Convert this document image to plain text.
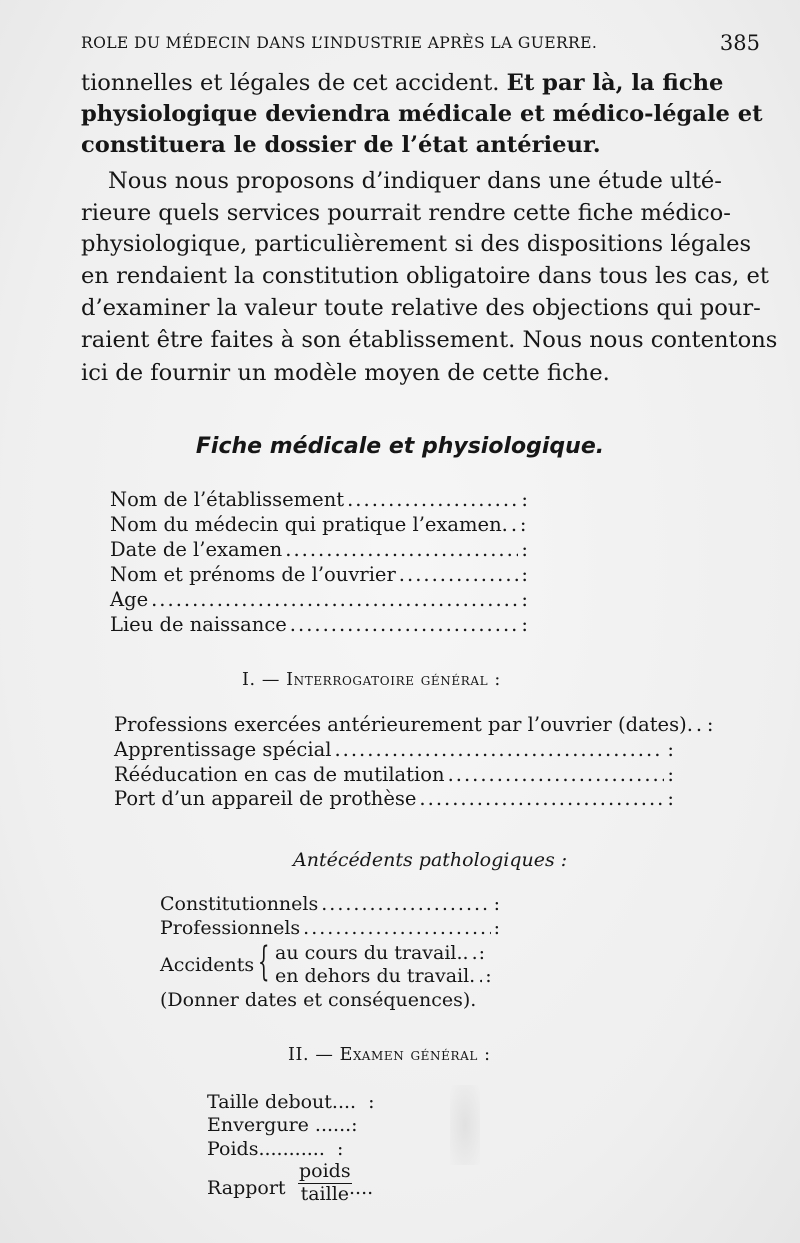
ROLE DU MÉDECIN DANS L’INDUSTRIE APRÈS LA GUERRE.	385
tionnelles et légales de cet accident. Et par là, la fiche
physiologique deviendra médicale et médico-légale et
constituera le dossier de l’état antérieur.
Nous nous proposons d’indiquer dans une étude ulté-
rieure quels services pourrait rendre cette fiche médico-
physiologique, particulièrement si des dispositions légales
en rendaient la constitution obligatoire dans tous les cas, et
d’examiner la valeur toute relative des objections qui pour-
raient être faites à son établissement. Nous nous contentons
ici de fournir un modèle moyen de cette fiche.
Fiche médicale et physiologique.
Nom de l’établissement .....	:
Nom du médecin qui pratique l’examen. ..... :
Date de l’examen .....	:
Nom et prénoms de l’ouvrier .....	:
Age .....	:
Lieu de naissance .....	:
I. — Interrogatoire général :
Professions exercées antérieurement par l’ouvrier (dates). ..... :
Apprentissage spécial .....	:
Rééducation en cas de mutilation .....	:
Port d’un appareil de prothèse .....	:
Antécédents pathologiques :
Constitutionnels .....	:
Professionnels .....	:
Accidents { au cours du travail.. ..... :
en dehors du travail. ..... :
(Donner dates et conséquences).
II. — Examen général :
Taille debout.... :
Envergure ......:
Poids........... :
Rapport
poids
taille ....
